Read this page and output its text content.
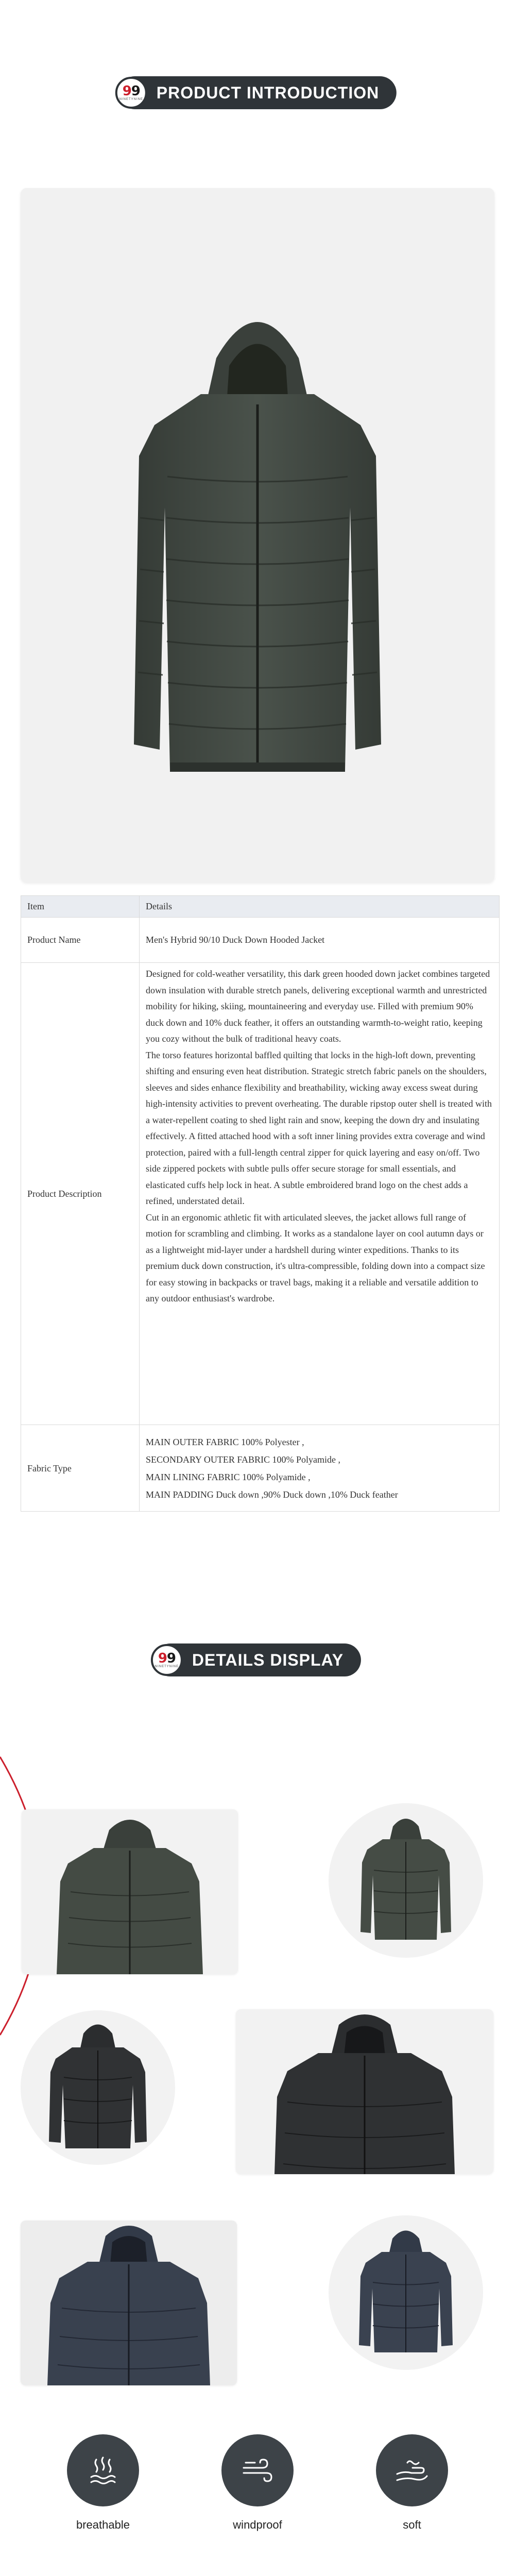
99
NINETYNINE PRODUCT INTRODUCTION
Item	Details
Product Name	Men's Hybrid 90/10 Duck Down Hooded Jacket
Product Description	Designed for cold-weather versatility, this dark green hooded down jacket combines targeted down insulation with durable stretch panels, delivering exceptional warmth and unrestricted mobility for hiking, skiing, mountaineering and everyday use. Filled with premium 90% duck down and 10% duck feather, it offers an outstanding warmth-to-weight ratio, keeping you cozy without the bulk of traditional heavy coats.
The torso features horizontal baffled quilting that locks in the high-loft down, preventing shifting and ensuring even heat distribution. Strategic stretch fabric panels on the shoulders, sleeves and sides enhance flexibility and breathability, wicking away excess sweat during high-intensity activities to prevent overheating. The durable ripstop outer shell is treated with a water-repellent coating to shed light rain and snow, keeping the down dry and insulating effectively. A fitted attached hood with a soft inner lining provides extra coverage and wind protection, paired with a full-length central zipper for quick layering and easy on/off. Two side zippered pockets with subtle pulls offer secure storage for small essentials, and elasticated cuffs help lock in heat. A subtle embroidered brand logo on the chest adds a refined, understated detail.
Cut in an ergonomic athletic fit with articulated sleeves, the jacket allows full range of motion for scrambling and climbing. It works as a standalone layer on cool autumn days or as a lightweight mid-layer under a hardshell during winter expeditions. Thanks to its premium duck down construction, it's ultra-compressible, folding down into a compact size for easy stowing in backpacks or travel bags, making it a reliable and versatile addition to any outdoor enthusiast's wardrobe.

Fabric Type	MAIN OUTER FABRIC 100% Polyester ,
SECONDARY OUTER FABRIC 100% Polyamide ,
MAIN LINING FABRIC 100% Polyamide ,
MAIN PADDING Duck down ,90% Duck down ,10% Duck feather
99
NINETYNINE DETAILS DISPLAY
breathable	windproof	soft
